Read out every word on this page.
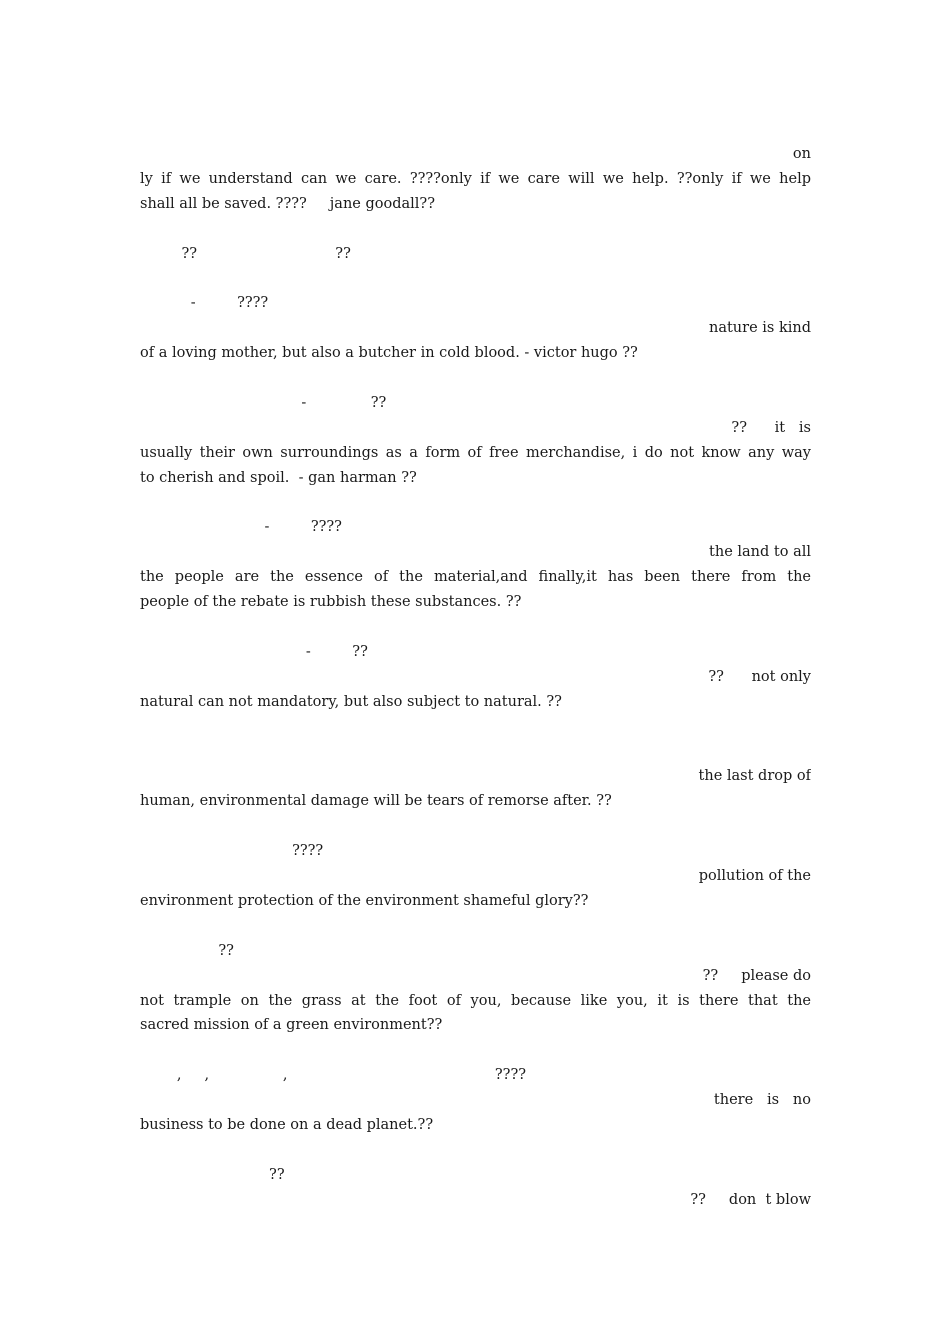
on
ly if we understand can we care. ????only if we care will we help. ??only if we help
shall all be saved. ????     jane goodall??

??                              ??

-         ????
nature is kind
of a loving mother, but also a butcher in cold blood. - victor hugo ??

-              ??
??      it   is
usually their own surroundings as a form of free merchandise, i do not know any way
to cherish and spoil.  - gan harman ??

-         ????
the land to all
the people are the essence of the material,and finally,it has been there from the
people of the rebate is rubbish these substances. ??

-         ??
??      not only
natural can not mandatory, but also subject to natural. ??

the last drop of
human, environmental damage will be tears of remorse after. ??

????
pollution of the
environment protection of the environment shameful glory??

??
??     please do
not trample on the grass at the foot of you, because like you, it is there that the
sacred mission of a green environment??

,     ,                ,                                             ????
there   is   no
business to be done on a dead planet.??

??
??     don  t blow
